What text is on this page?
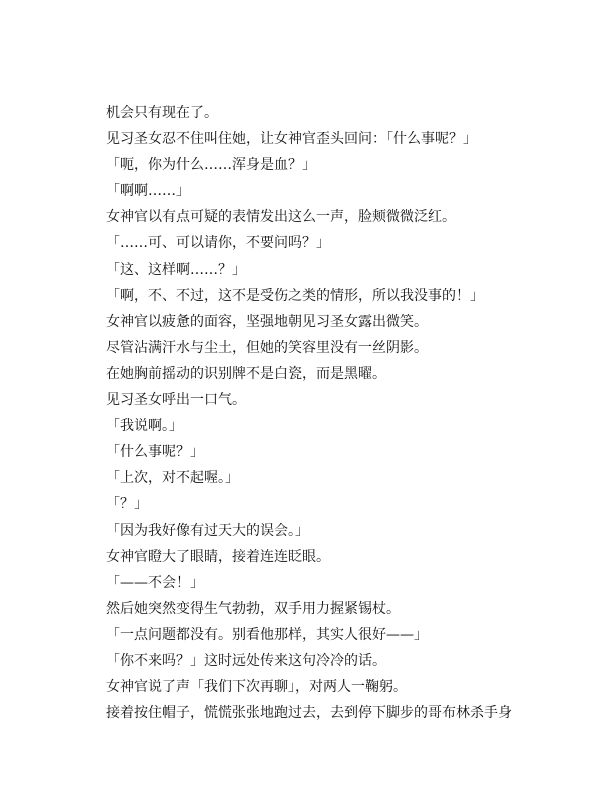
机会只有现在了。
见习圣女忍不住叫住她，让女神官歪头回问：「什么事呢？」
「呃，你为什么……浑身是血？」
「啊啊……」
女神官以有点可疑的表情发出这么一声，脸颊微微泛红。
「……可、可以请你，不要问吗？」
「这、这样啊……？」
「啊，不、不过，这不是受伤之类的情形，所以我没事的！」
女神官以疲惫的面容，坚强地朝见习圣女露出微笑。
尽管沾满汗水与尘土，但她的笑容里没有一丝阴影。
在她胸前摇动的识别牌不是白瓷，而是黑曜。
见习圣女呼出一口气。
「我说啊。」
「什么事呢？」
「上次，对不起喔。」
「？」
「因为我好像有过天大的误会。」
女神官瞪大了眼睛，接着连连眨眼。
「——不会！」
然后她突然变得生气勃勃，双手用力握紧锡杖。
「一点问题都没有。别看他那样，其实人很好——」
「你不来吗？」这时远处传来这句冷冷的话。
女神官说了声「我们下次再聊」，对两人一鞠躬。
接着按住帽子，慌慌张张地跑过去，去到停下脚步的哥布林杀手身
